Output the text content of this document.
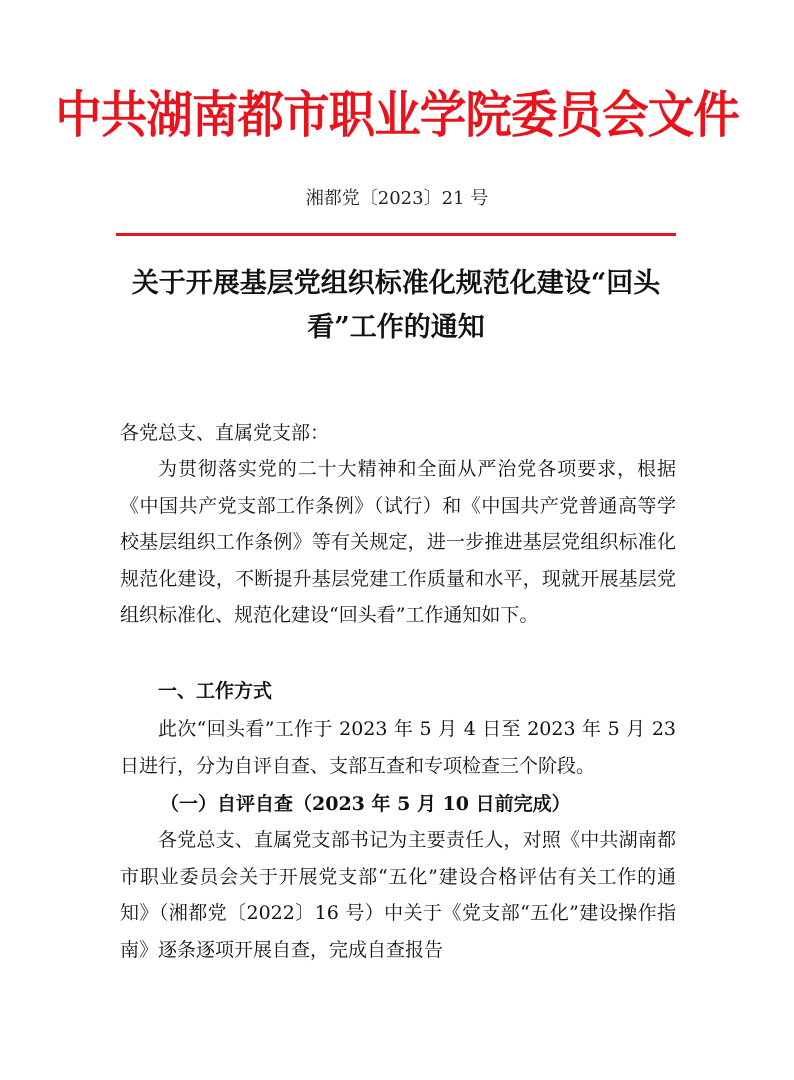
中共湖南都市职业学院委员会文件
湘都党〔2023〕21 号
关于开展基层党组织标准化规范化建设“回头看”工作的通知
各党总支、直属党支部：
为贯彻落实党的二十大精神和全面从严治党各项要求，根据《中国共产党支部工作条例》（试行）和《中国共产党普通高等学校基层组织工作条例》等有关规定，进一步推进基层党组织标准化规范化建设，不断提升基层党建工作质量和水平，现就开展基层党组织标准化、规范化建设“回头看”工作通知如下。
一、工作方式
此次“回头看”工作于 2023 年 5 月 4 日至 2023 年 5 月 23 日进行，分为自评自查、支部互查和专项检查三个阶段。
（一）自评自查（2023 年 5 月 10 日前完成）
各党总支、直属党支部书记为主要责任人，对照《中共湖南都市职业委员会关于开展党支部“五化”建设合格评估有关工作的通知》（湘都党〔2022〕16 号）中关于《党支部“五化”建设操作指南》逐条逐项开展自查，完成自查报告
